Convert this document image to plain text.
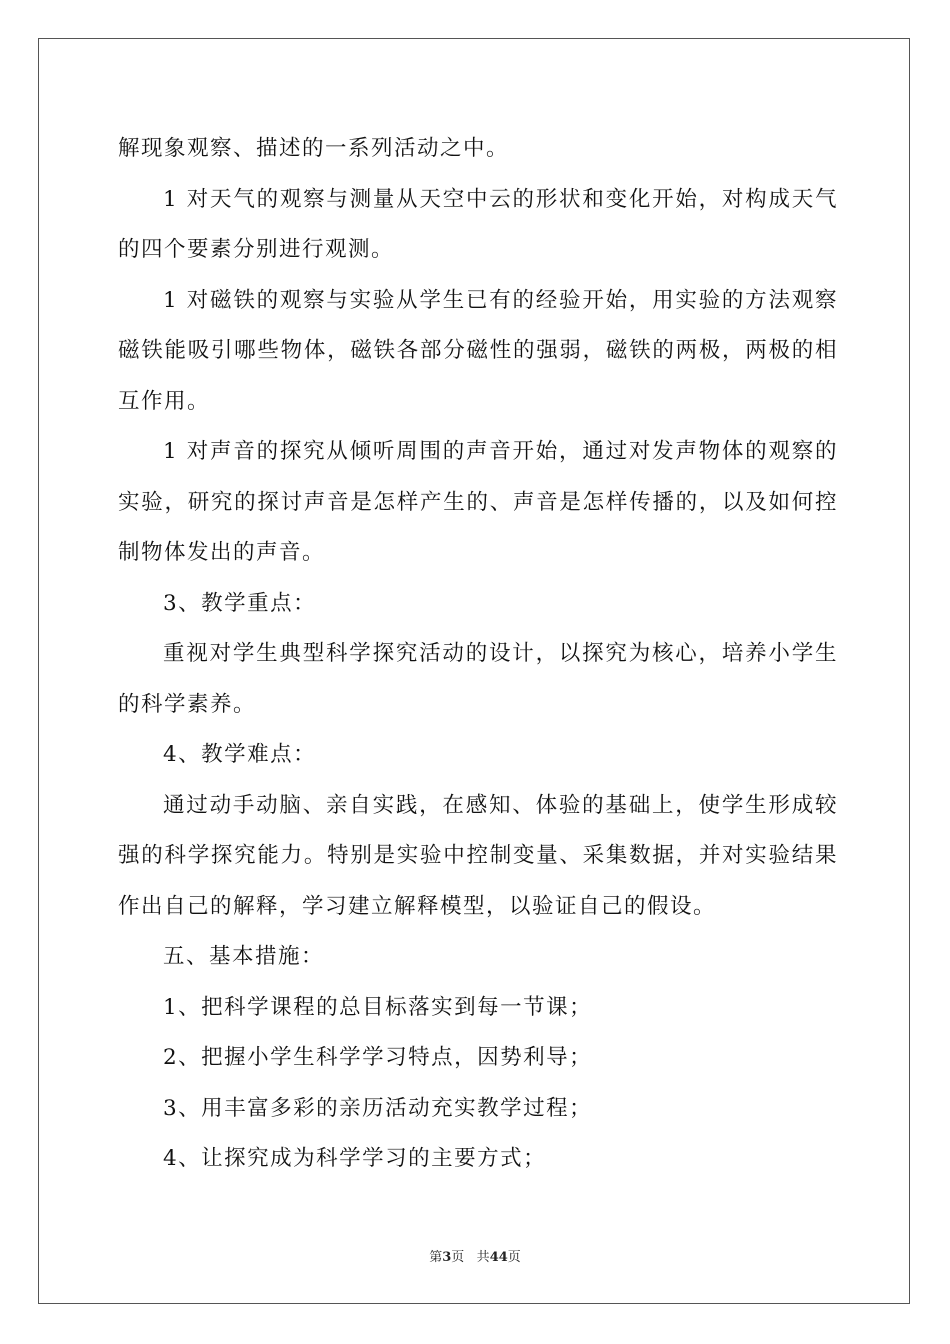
解现象观察、描述的一系列活动之中。

1 对天气的观察与测量从天空中云的形状和变化开始，对构成天气的四个要素分别进行观测。

1 对磁铁的观察与实验从学生已有的经验开始，用实验的方法观察磁铁能吸引哪些物体，磁铁各部分磁性的强弱，磁铁的两极，两极的相互作用。

1 对声音的探究从倾听周围的声音开始，通过对发声物体的观察的实验，研究的探讨声音是怎样产生的、声音是怎样传播的，以及如何控制物体发出的声音。

3、教学重点：

重视对学生典型科学探究活动的设计，以探究为核心，培养小学生的科学素养。

4、教学难点：

通过动手动脑、亲自实践，在感知、体验的基础上，使学生形成较强的科学探究能力。特别是实验中控制变量、采集数据，并对实验结果作出自己的解释，学习建立解释模型，以验证自己的假设。

五、基本措施：

1、把科学课程的总目标落实到每一节课；

2、把握小学生科学学习特点，因势利导；

3、用丰富多彩的亲历活动充实教学过程；

4、让探究成为科学学习的主要方式；

第3页 共44页
